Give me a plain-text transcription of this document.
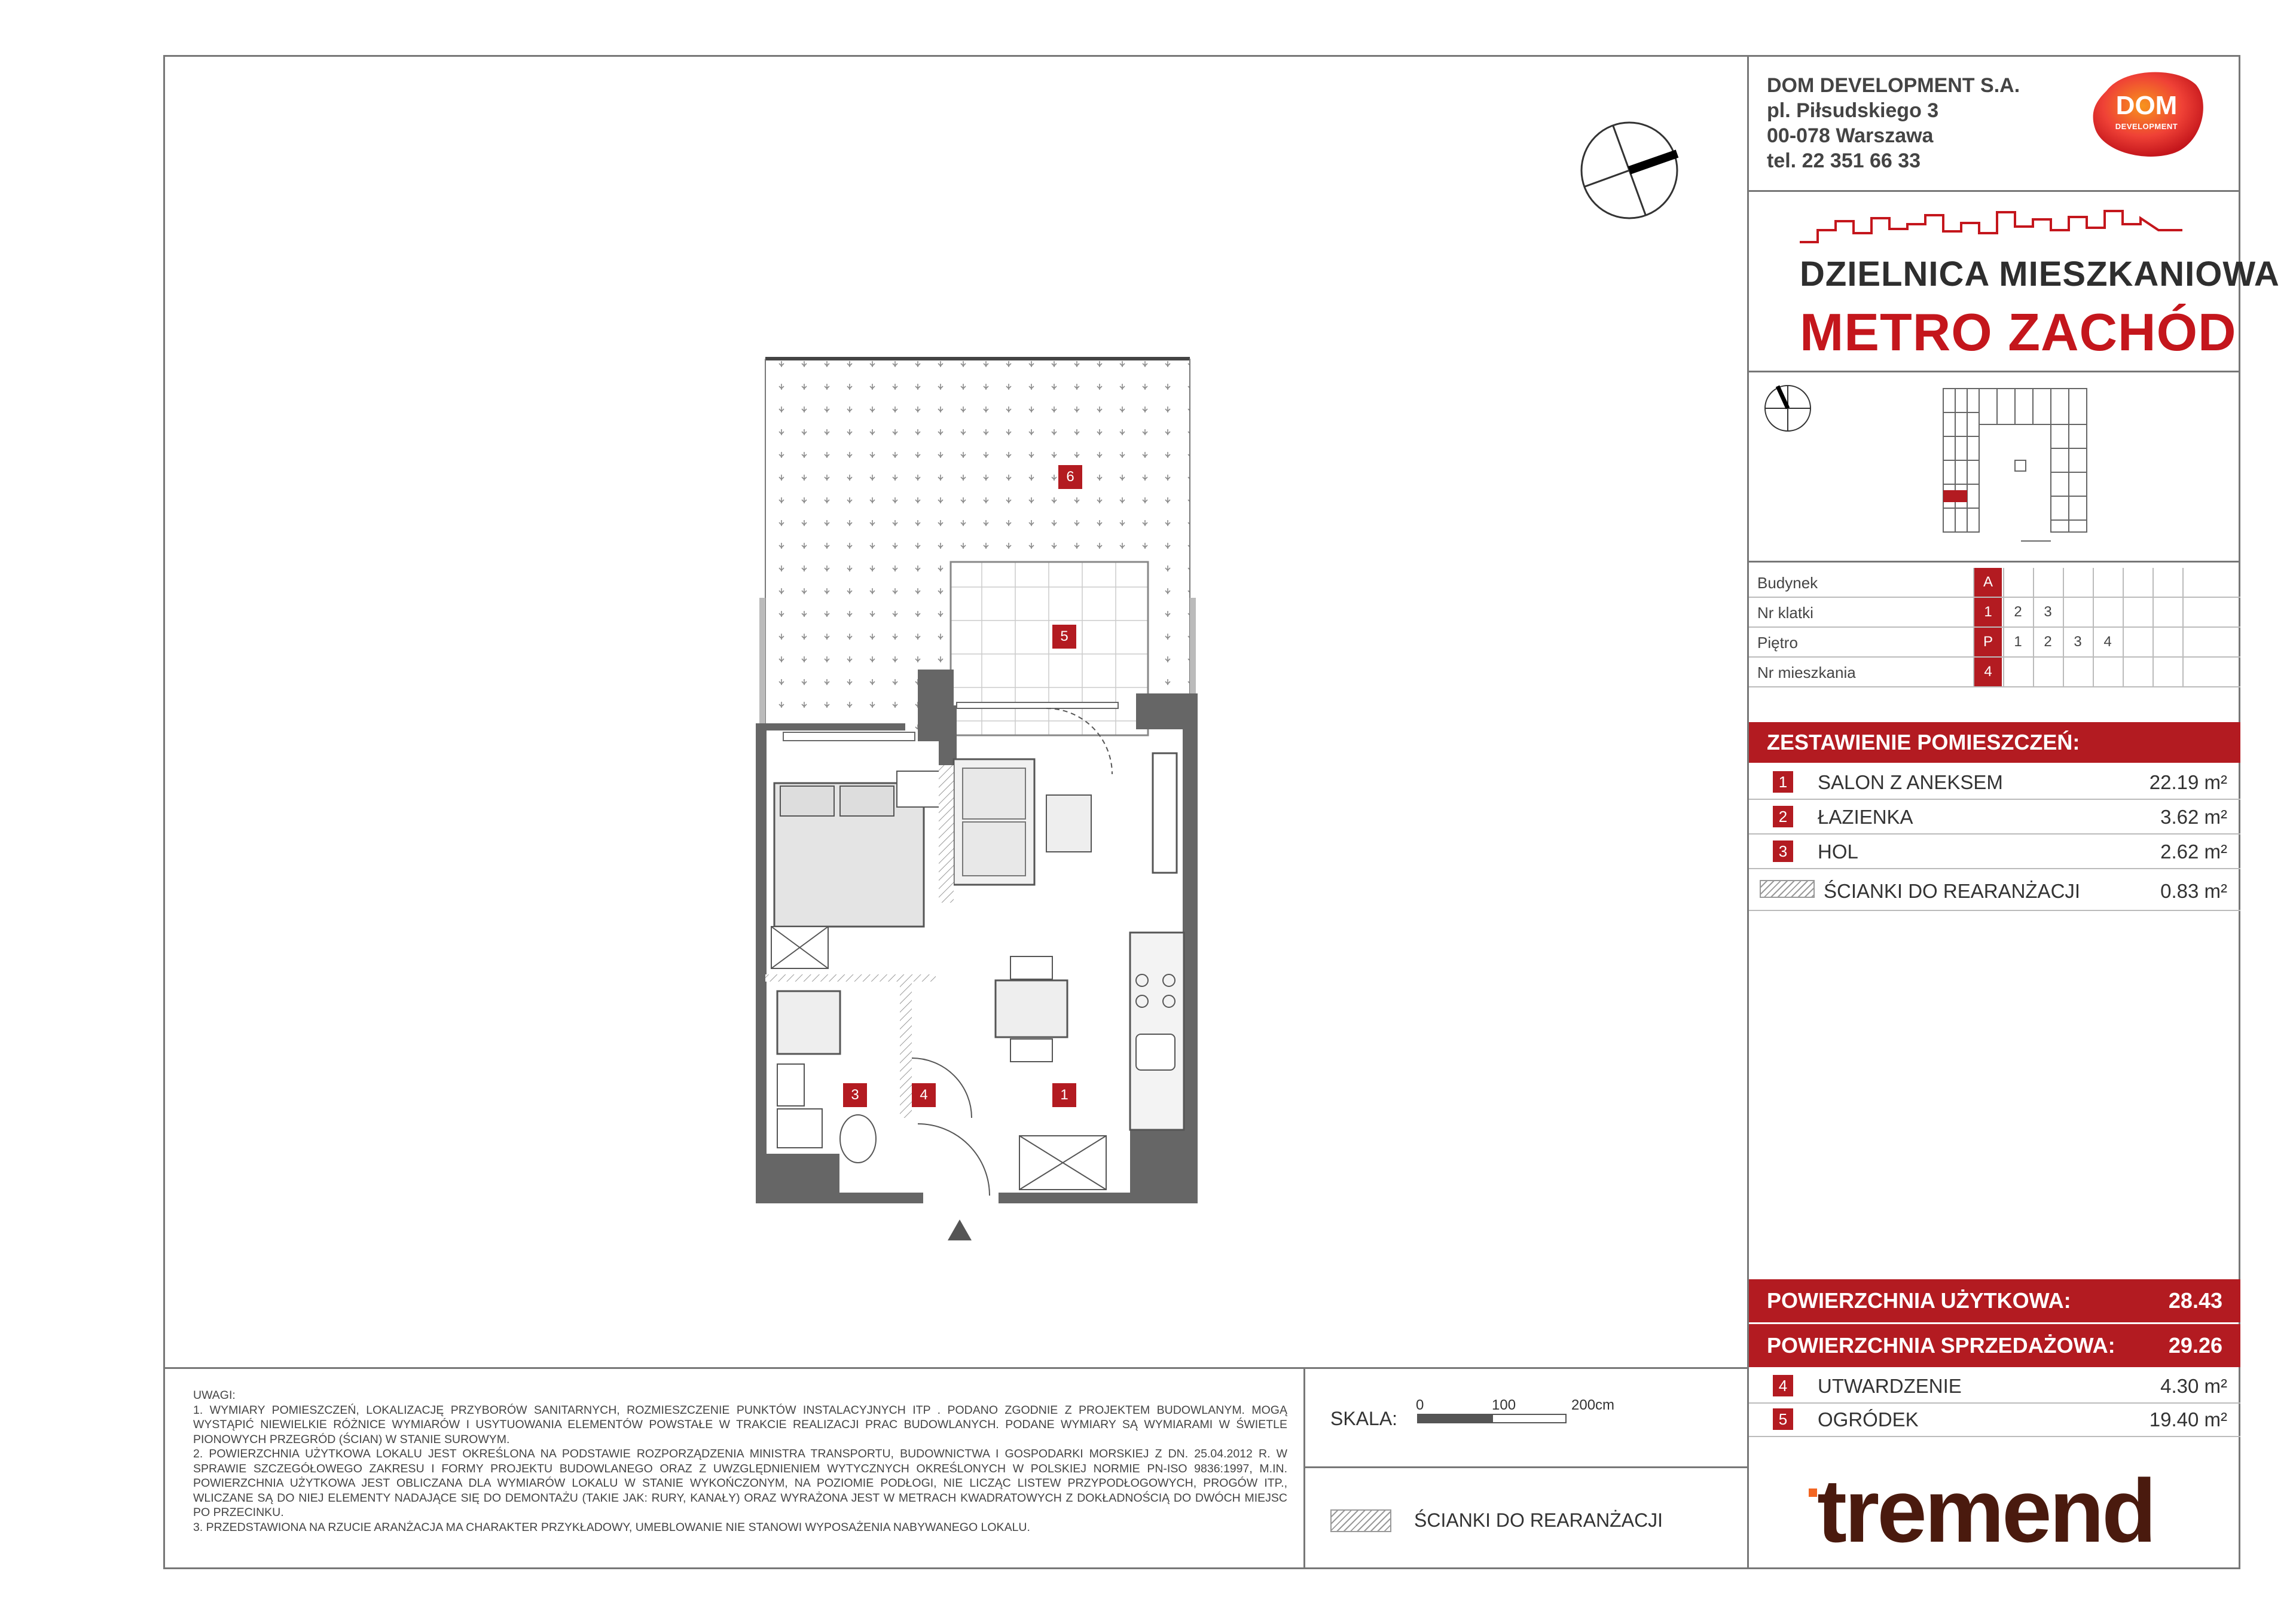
DOM DEVELOPMENT S.A.
pl. Piłsudskiego 3
00-078 Warszawa
tel. 22 351 66 33
DOM
DEVELOPMENT
DZIELNICA MIESZKANIOWA
METRO ZACHÓD
Budynek	A
Nr klatki	1	2	3
Piętro	P	1	2	3	4
Nr mieszkania	4
ZESTAWIENIE POMIESZCZEŃ:
1 SALON Z ANEKSEM	22.19 m²
2 ŁAZIENKA	3.62 m²
3 HOL	2.62 m²
ŚCIANKI DO REARANŻACJI	0.83 m²
POWIERZCHNIA UŻYTKOWA:	28.43
POWIERZCHNIA SPRZEDAŻOWA: 29.26
4 UTWARDZENIE	4.30 m²
5 OGRÓDEK	19.40 m²
tremend
UWAGI:
1. WYMIARY POMIESZCZEŃ, LOKALIZACJĘ PRZYBORÓW SANITARNYCH, ROZMIESZCZENIE PUNKTÓW INSTALACYJNYCH ITP . PODANO ZGODNIE Z PROJEKTEM BUDOWLANYM. MOGĄ WYSTĄPIĆ NIEWIELKIE RÓŻNICE WYMIARÓW I USYTUOWANIA ELEMENTÓW POWSTAŁE W TRAKCIE REALIZACJI PRAC BUDOWLANYCH. PODANE WYMIARY SĄ WYMIARAMI W ŚWIETLE PIONOWYCH PRZEGRÓD (ŚCIAN) W STANIE SUROWYM.
2. POWIERZCHNIA UŻYTKOWA LOKALU JEST OKREŚLONA NA PODSTAWIE ROZPORZĄDZENIA MINISTRA TRANSPORTU, BUDOWNICTWA I GOSPODARKI MORSKIEJ Z DN. 25.04.2012 R. W SPRAWIE SZCZEGÓŁOWEGO ZAKRESU I FORMY PROJEKTU BUDOWLANEGO ORAZ Z UWZGLĘDNIENIEM WYTYCZNYCH OKREŚLONYCH W POLSKIEJ NORMIE PN-ISO 9836:1997, M.IN. POWIERZCHNIA UŻYTKOWA JEST OBLICZANA DLA WYMIARÓW LOKALU W STANIE WYKOŃCZONYM, NA POZIOMIE PODŁOGI, NIE LICZĄC LISTEW PRZYPODŁOGOWYCH, PROGÓW ITP., WLICZANE SĄ DO NIEJ ELEMENTY NADAJĄCE SIĘ DO DEMONTAŻU (TAKIE JAK: RURY, KANAŁY) ORAZ WYRAŻONA JEST W METRACH KWADRATOWYCH Z DOKŁADNOŚCIĄ DO DWÓCH MIEJSC PO PRZECINKU.
3. PRZEDSTAWIONA NA RZUCIE ARANŻACJA MA CHARAKTER PRZYKŁADOWY, UMEBLOWANIE NIE STANOWI WYPOSAŻENIA NABYWANEGO LOKALU.
SKALA:
0	100	200cm
ŚCIANKI DO REARANŻACJI
6
5
1
3	4
